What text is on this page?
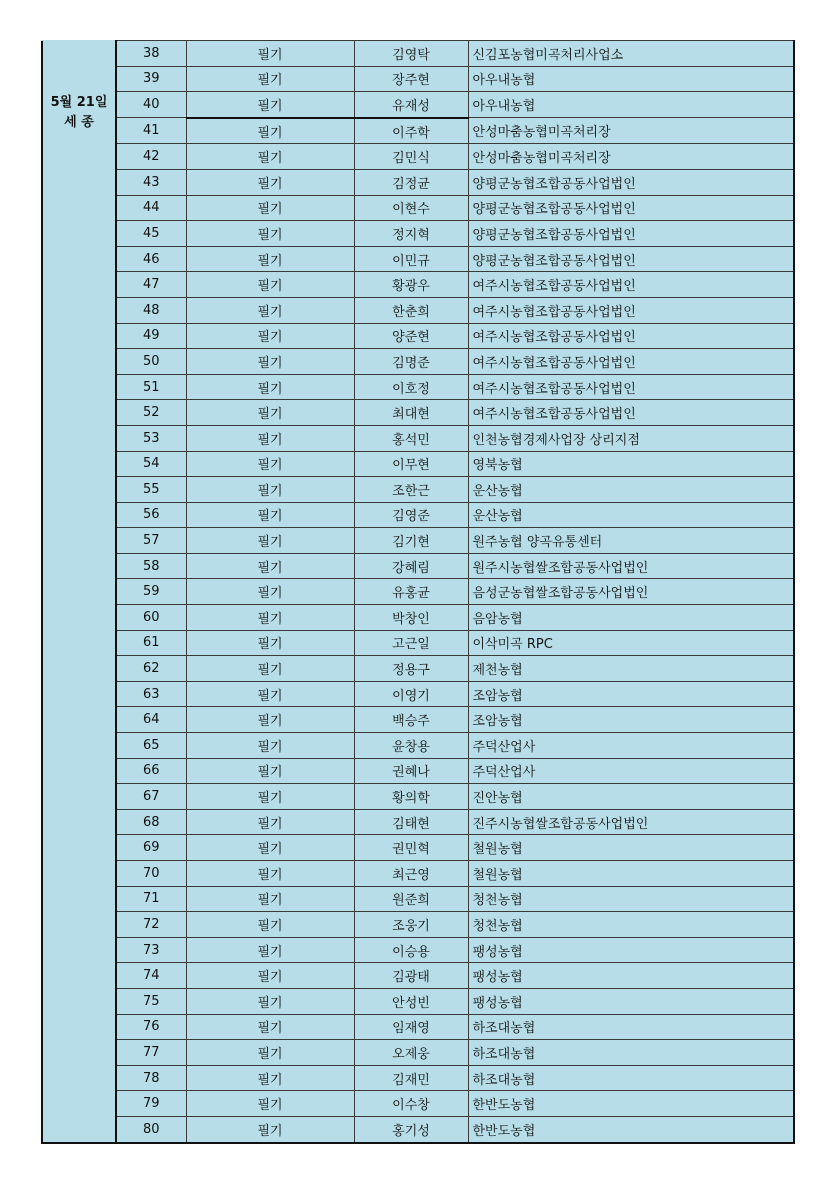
5월 21일
세 종	38	필기	김영탁	신김포농협미곡처리사업소
	39	필기	장주현	아우내농협
	40	필기	유재성	아우내농협
	41	필기	이주학	안성마춤농협미곡처리장
	42	필기	김민식	안성마춤농협미곡처리장
	43	필기	김정균	양평군농협조합공동사업법인
	44	필기	이현수	양평군농협조합공동사업법인
	45	필기	정지혁	양평군농협조합공동사업법인
	46	필기	이민규	양평군농협조합공동사업법인
	47	필기	황광우	여주시농협조합공동사업법인
	48	필기	한춘희	여주시농협조합공동사업법인
	49	필기	양준현	여주시농협조합공동사업법인
	50	필기	김명준	여주시농협조합공동사업법인
	51	필기	이호정	여주시농협조합공동사업법인
	52	필기	최대현	여주시농협조합공동사업법인
	53	필기	홍석민	인천농협경제사업장 상리지점
	54	필기	이무현	영북농협
	55	필기	조한근	운산농협
	56	필기	김영준	운산농협
	57	필기	김기현	원주농협 양곡유통센터
	58	필기	강혜림	원주시농협쌀조합공동사업법인
	59	필기	유홍균	음성군농협쌀조합공동사업법인
	60	필기	박창인	음암농협
	61	필기	고근일	이삭미곡 RPC
	62	필기	정용구	제천농협
	63	필기	이영기	조암농협
	64	필기	백승주	조암농협
	65	필기	윤창용	주덕산업사
	66	필기	권혜나	주덕산업사
	67	필기	황의학	진안농협
	68	필기	김태현	진주시농협쌀조합공동사업법인
	69	필기	권민혁	철원농협
	70	필기	최근영	철원농협
	71	필기	원준희	청천농협
	72	필기	조웅기	청천농협
	73	필기	이승용	팽성농협
	74	필기	김광태	팽성농협
	75	필기	안성빈	팽성농협
	76	필기	임재영	하조대농협
	77	필기	오제웅	하조대농협
	78	필기	김재민	하조대농협
	79	필기	이수창	한반도농협
	80	필기	홍기성	한반도농협
